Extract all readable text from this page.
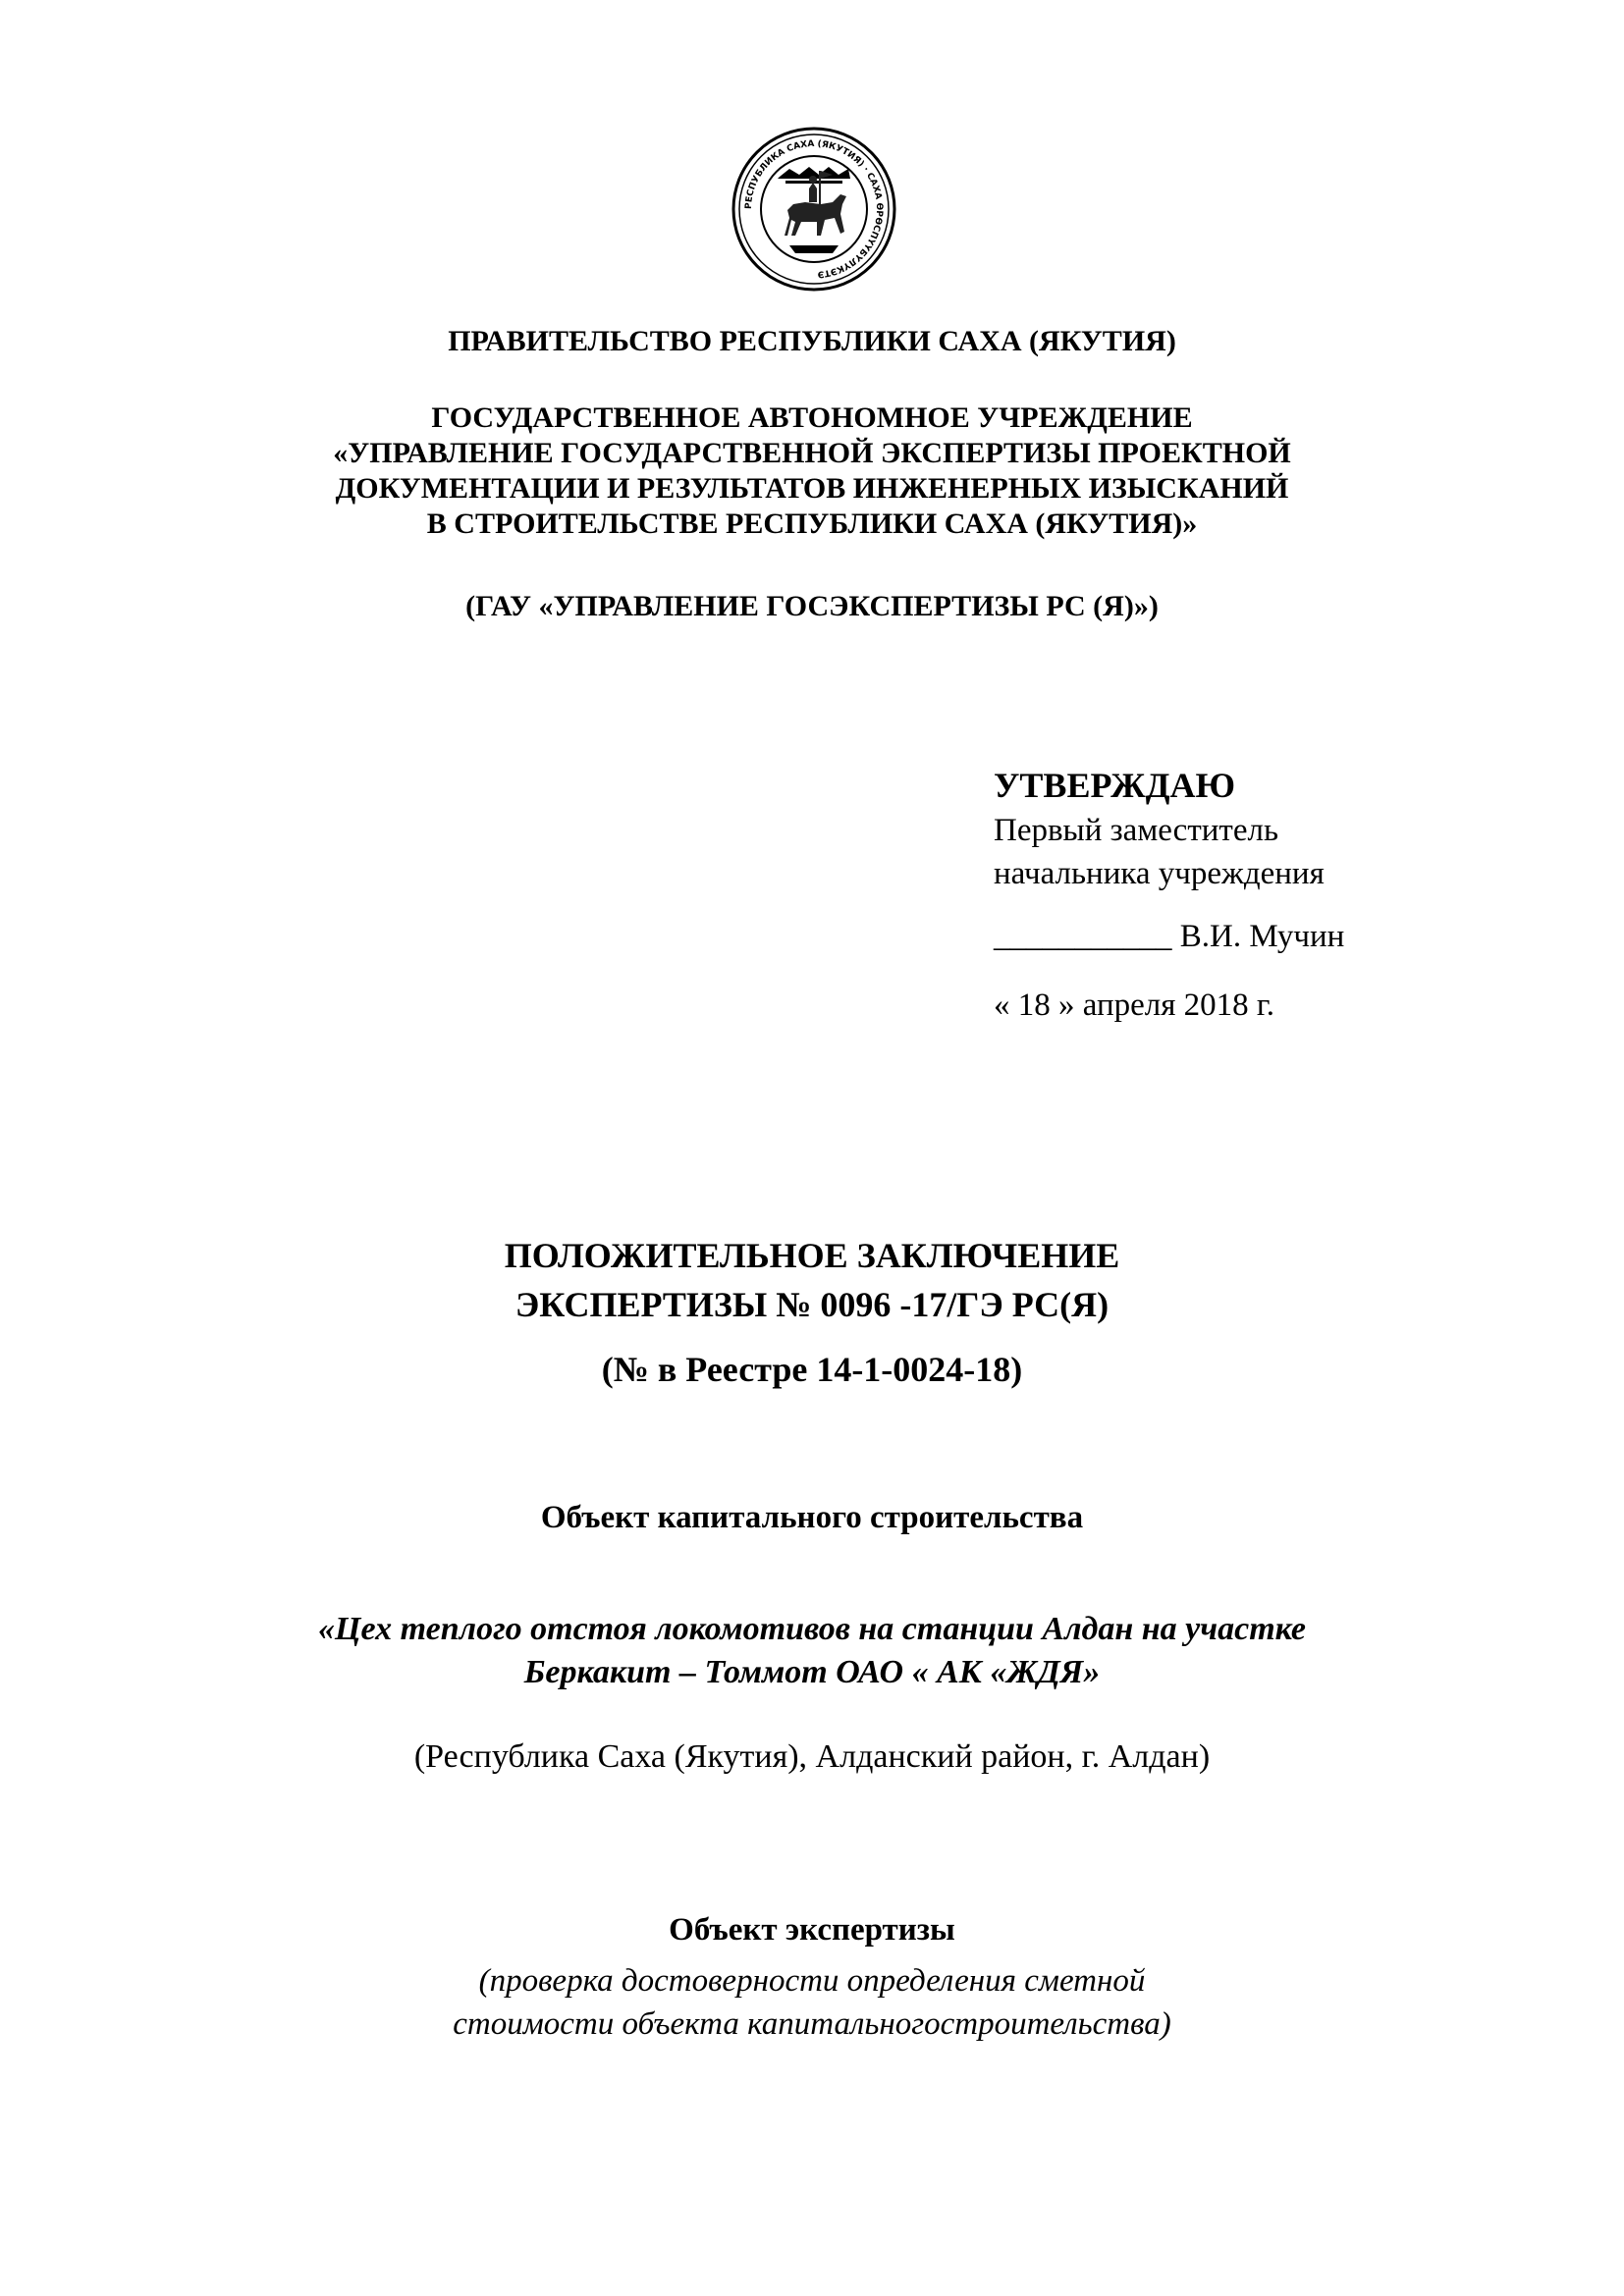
РЕСПУБЛИКА САХА (ЯКУТИЯ) · САХА ӨРӨСПҮҮБҮЛҮКЭТЭ
ПРАВИТЕЛЬСТВО РЕСПУБЛИКИ САХА (ЯКУТИЯ)
ГОСУДАРСТВЕННОЕ АВТОНОМНОЕ УЧРЕЖДЕНИЕ
«УПРАВЛЕНИЕ ГОСУДАРСТВЕННОЙ ЭКСПЕРТИЗЫ ПРОЕКТНОЙ
ДОКУМЕНТАЦИИ И РЕЗУЛЬТАТОВ ИНЖЕНЕРНЫХ ИЗЫСКАНИЙ
В СТРОИТЕЛЬСТВЕ РЕСПУБЛИКИ САХА (ЯКУТИЯ)»
(ГАУ «УПРАВЛЕНИЕ ГОСЭКСПЕРТИЗЫ РС (Я)»)
УТВЕРЖДАЮ
Первый заместитель
начальника учреждения
___________ В.И. Мучин
« 18 » апреля 2018 г.
ПОЛОЖИТЕЛЬНОЕ ЗАКЛЮЧЕНИЕ
ЭКСПЕРТИЗЫ № 0096 -17/ГЭ РС(Я)
(№ в Реестре 14-1-0024-18)
Объект капитального строительства
«Цех теплого отстоя локомотивов на станции Алдан на участке
Беркакит – Томмот ОАО « АК «ЖДЯ»
(Республика Саха (Якутия), Алданский район, г. Алдан)
Объект экспертизы
(проверка достоверности определения сметной
стоимости объекта капитальногостроительства)
